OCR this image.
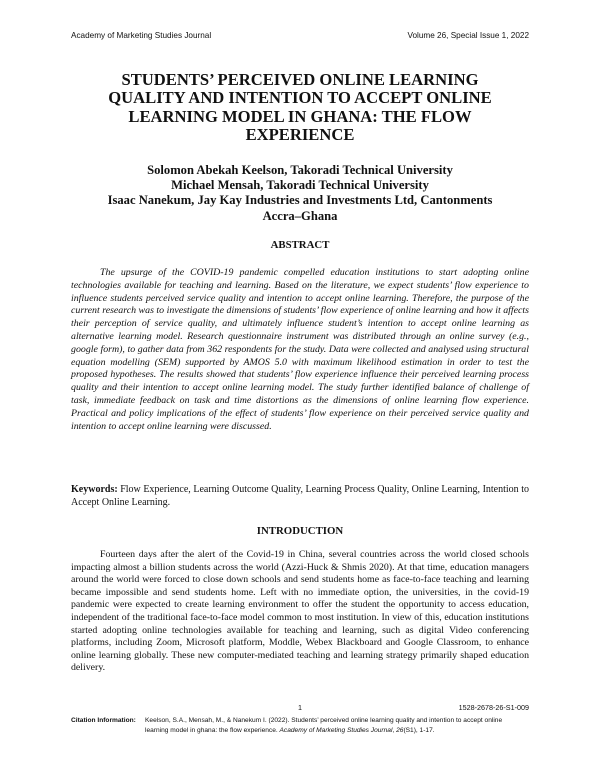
Academy of Marketing Studies Journal	Volume 26, Special Issue 1, 2022
STUDENTS’ PERCEIVED ONLINE LEARNING
QUALITY AND INTENTION TO ACCEPT ONLINE
LEARNING MODEL IN GHANA: THE FLOW
EXPERIENCE
Solomon Abekah Keelson, Takoradi Technical University
Michael Mensah, Takoradi Technical University
Isaac Nanekum, Jay Kay Industries and Investments Ltd, Cantonments
Accra–Ghana
ABSTRACT

The upsurge of the COVID-19 pandemic compelled education institutions to start adopting online technologies available for teaching and learning. Based on the literature, we expect students’ flow experience to influence students perceived service quality and intention to accept online learning. Therefore, the purpose of the current research was to investigate the dimensions of students’ flow experience of online learning and how it affects their perception of service quality, and ultimately influence student’s intention to accept online learning as alternative learning model. Research questionnaire instrument was distributed through an online survey (e.g., google form), to gather data from 362 respondents for the study. Data were collected and analysed using structural equation modelling (SEM) supported by AMOS 5.0 with maximum likelihood estimation in order to test the proposed hypotheses. The results showed that students’ flow experience influence their perceived learning process quality and their intention to accept online learning model. The study further identified balance of challenge of task, immediate feedback on task and time distortions as the dimensions of online learning flow experience. Practical and policy implications of the effect of students’ flow experience on their perceived service quality and intention to accept online learning were discussed.

Keywords: Flow Experience, Learning Outcome Quality, Learning Process Quality, Online Learning, Intention to Accept Online Learning.

INTRODUCTION

Fourteen days after the alert of the Covid-19 in China, several countries across the world closed schools impacting almost a billion students across the world (Azzi-Huck & Shmis 2020). At that time, education managers around the world were forced to close down schools and send students home as face-to-face teaching and learning became impossible and send students home. Left with no immediate option, the universities, in the covid-19 pandemic were expected to create learning environment to offer the student the opportunity to access education, independent of the traditional face-to-face model common to most institution. In view of this, education institutions started adopting online technologies available for teaching and learning, such as digital Video conferencing platforms, including Zoom, Microsoft platform, Moddle, Webex Blackboard and Google Classroom, to enhance online learning globally. These new computer-mediated teaching and learning strategy primarily shaped education delivery.

1	1528-2678-26-S1-009
Citation Information: Keelson, S.A., Mensah, M., & Nanekum I. (2022). Students’ perceived online learning quality and intention to accept online learning model in ghana: the flow experience. Academy of Marketing Studies Journal, 26(S1), 1-17.
